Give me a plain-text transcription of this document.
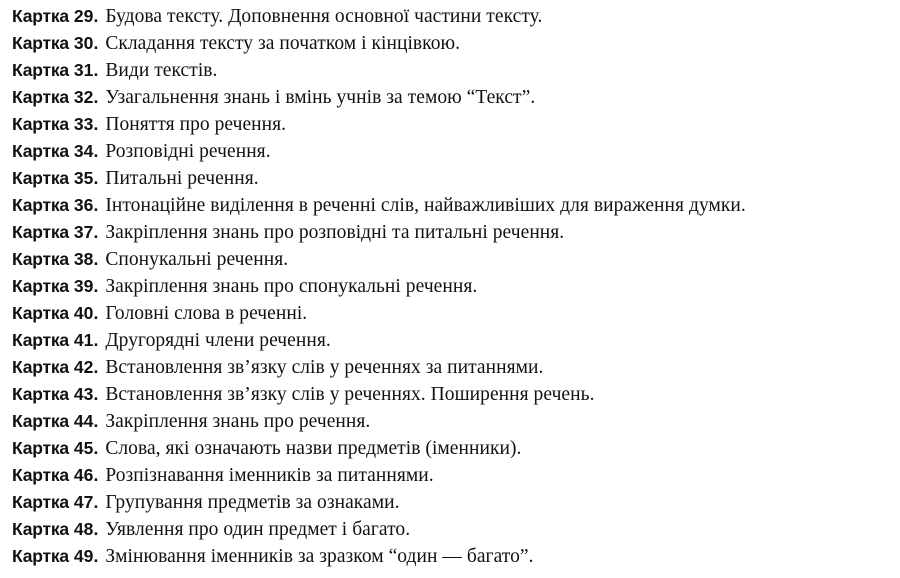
Картка 29. Будова тексту. Доповнення основної частини тексту.
Картка 30. Складання тексту за початком і кінцівкою.
Картка 31. Види текстів.
Картка 32. Узагальнення знань і вмінь учнів за темою “Текст”.
Картка 33. Поняття про речення.
Картка 34. Розповідні речення.
Картка 35. Питальні речення.
Картка 36. Інтонаційне виділення в реченні слів, найважливіших для вираження думки.
Картка 37. Закріплення знань про розповідні та питальні речення.
Картка 38. Спонукальні речення.
Картка 39. Закріплення знань про спонукальні речення.
Картка 40. Головні слова в реченні.
Картка 41. Другорядні члени речення.
Картка 42. Встановлення зв’язку слів у реченнях за питаннями.
Картка 43. Встановлення зв’язку слів у реченнях. Поширення речень.
Картка 44. Закріплення знань про речення.
Картка 45. Слова, які означають назви предметів (іменники).
Картка 46. Розпізнавання іменників за питаннями.
Картка 47. Групування предметів за ознаками.
Картка 48. Уявлення про один предмет і багато.
Картка 49. Змінювання іменників за зразком “один — багато”.
